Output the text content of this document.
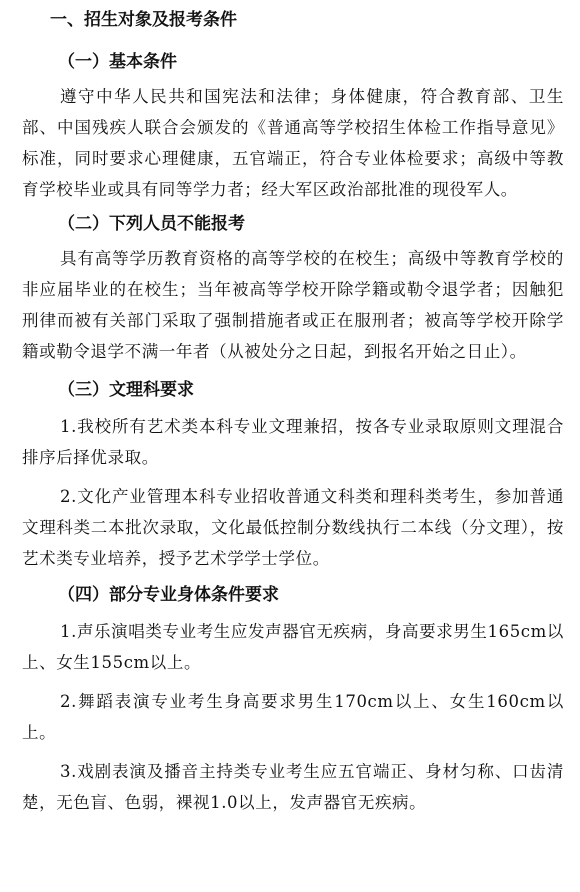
一、招生对象及报考条件
（一）基本条件

遵守中华人民共和国宪法和法律；身体健康，符合教育部、卫生部、中国残疾人联合会颁发的《普通高等学校招生体检工作指导意见》标准，同时要求心理健康，五官端正，符合专业体检要求；高级中等教育学校毕业或具有同等学力者；经大军区政治部批准的现役军人。

（二）下列人员不能报考

具有高等学历教育资格的高等学校的在校生；高级中等教育学校的非应届毕业的在校生；当年被高等学校开除学籍或勒令退学者；因触犯刑律而被有关部门采取了强制措施者或正在服刑者；被高等学校开除学籍或勒令退学不满一年者（从被处分之日起，到报名开始之日止）。

（三）文理科要求

1.我校所有艺术类本科专业文理兼招，按各专业录取原则文理混合排序后择优录取。

2.文化产业管理本科专业招收普通文科类和理科类考生，参加普通文理科类二本批次录取，文化最低控制分数线执行二本线（分文理），按艺术类专业培养，授予艺术学学士学位。

（四）部分专业身体条件要求

1.声乐演唱类专业考生应发声器官无疾病，身高要求男生165cm以上、女生155cm以上。

2.舞蹈表演专业考生身高要求男生170cm以上、女生160cm以上。

3.戏剧表演及播音主持类专业考生应五官端正、身材匀称、口齿清楚，无色盲、色弱，裸视1.0以上，发声器官无疾病。
